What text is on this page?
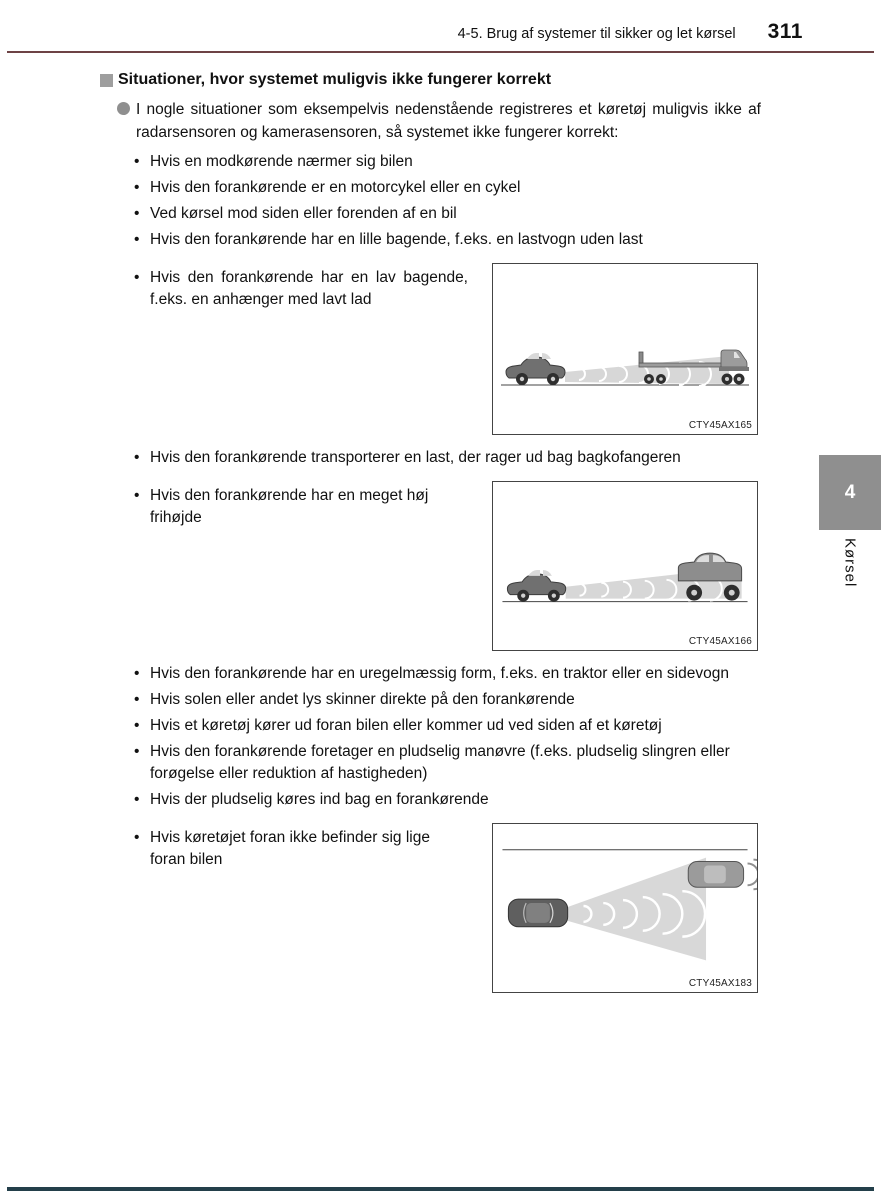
4-5. Brug af systemer til sikker og let kørsel 311
Situationer, hvor systemet muligvis ikke fungerer korrekt

I nogle situationer som eksempelvis nedenstående registreres et køretøj muligvis ikke af radarsensoren og kamerasensoren, så systemet ikke fungerer korrekt:

• Hvis en modkørende nærmer sig bilen
• Hvis den forankørende er en motorcykel eller en cykel
• Ved kørsel mod siden eller forenden af en bil
• Hvis den forankørende har en lille bagende, f.eks. en lastvogn uden last
• Hvis den forankørende har en lav bagende, f.eks. en anhænger med lavt lad
CTY45AX165
• Hvis den forankørende transporterer en last, der rager ud bag bagkofangeren
• Hvis den forankørende har en meget høj frihøjde
CTY45AX166
• Hvis den forankørende har en uregelmæssig form, f.eks. en traktor eller en sidevogn
• Hvis solen eller andet lys skinner direkte på den forankørende
• Hvis et køretøj kører ud foran bilen eller kommer ud ved siden af et køretøj
• Hvis den forankørende foretager en pludselig manøvre (f.eks. pludselig slingren eller forøgelse eller reduktion af hastigheden)
• Hvis der pludselig køres ind bag en forankørende
• Hvis køretøjet foran ikke befinder sig lige foran bilen
CTY45AX183
4
Kørsel
